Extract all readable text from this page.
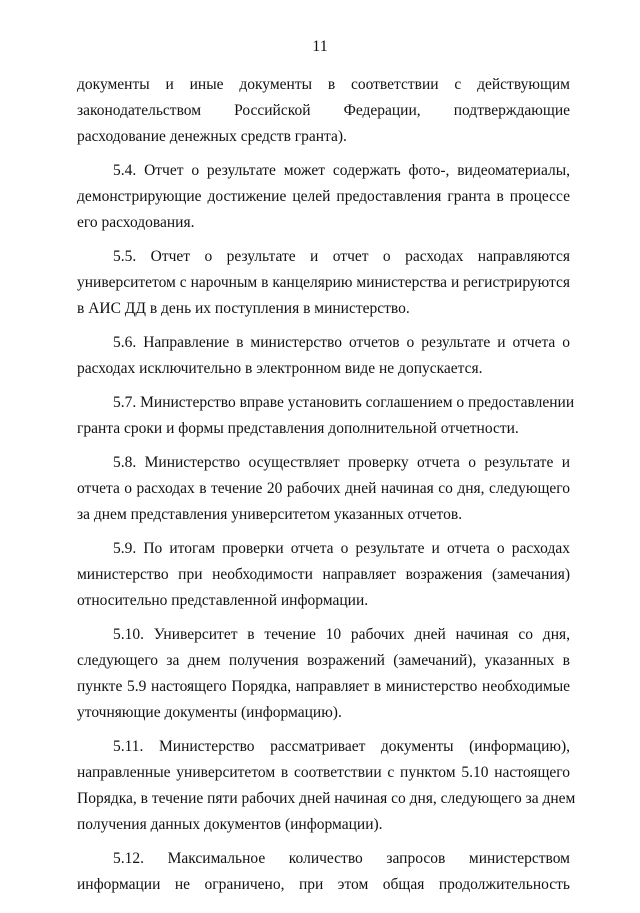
11
документы и иные документы в соответствии с действующим
законодательством Российской Федерации, подтверждающие
расходование денежных средств гранта).
5.4. Отчет о результате может содержать фото-, видеоматериалы,
демонстрирующие достижение целей предоставления гранта в процессе
его расходования.
5.5. Отчет о результате и отчет о расходах направляются
университетом с нарочным в канцелярию министерства и регистрируются
в АИС ДД в день их поступления в министерство.
5.6. Направление в министерство отчетов о результате и отчета о
расходах исключительно в электронном виде не допускается.
5.7. Министерство вправе установить соглашением о предоставлении
гранта сроки и формы представления дополнительной отчетности.
5.8. Министерство осуществляет проверку отчета о результате и
отчета о расходах в течение 20 рабочих дней начиная со дня, следующего
за днем представления университетом указанных отчетов.
5.9. По итогам проверки отчета о результате и отчета о расходах
министерство при необходимости направляет возражения (замечания)
относительно представленной информации.
5.10. Университет в течение 10 рабочих дней начиная со дня,
следующего за днем получения возражений (замечаний), указанных в
пункте 5.9 настоящего Порядка, направляет в министерство необходимые
уточняющие документы (информацию).
5.11. Министерство рассматривает документы (информацию),
направленные университетом в соответствии с пунктом 5.10 настоящего
Порядка, в течение пяти рабочих дней начиная со дня, следующего за днем
получения данных документов (информации).
5.12. Максимальное количество запросов министерством
информации не ограничено, при этом общая продолжительность
